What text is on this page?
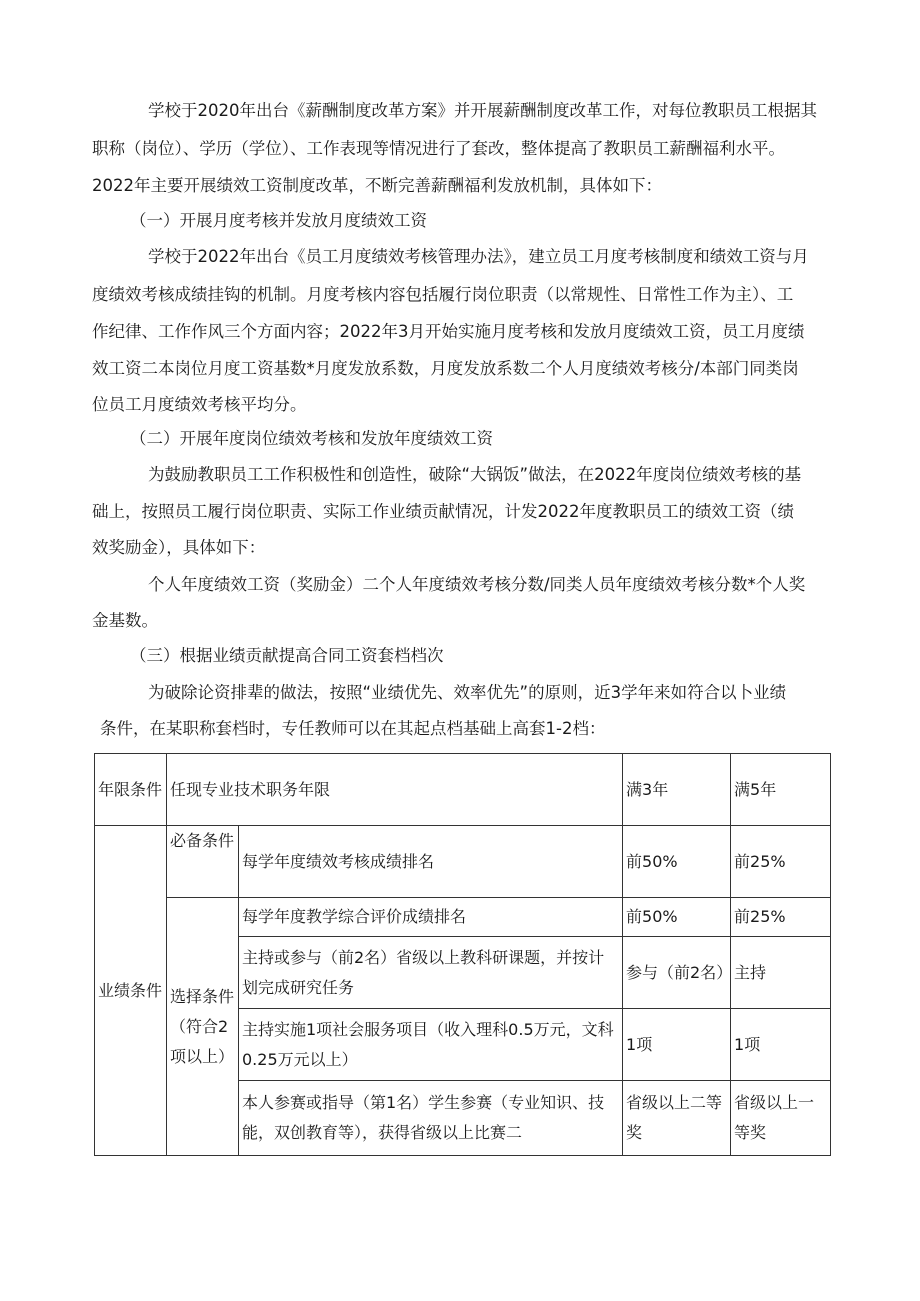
学校于2020年出台《薪酬制度改革方案》并开展薪酬制度改革工作，对每位教职员工根据其
职称（岗位）、学历（学位）、工作表现等情况进行了套改，整体提高了教职员工薪酬福利水平。
2022年主要开展绩效工资制度改革，不断完善薪酬福利发放机制，具体如下：
（一）开展月度考核并发放月度绩效工资
学校于2022年出台《员工月度绩效考核管理办法》，建立员工月度考核制度和绩效工资与月
度绩效考核成绩挂钩的机制。月度考核内容包括履行岗位职责（以常规性、日常性工作为主）、工
作纪律、工作作风三个方面内容；2022年3月开始实施月度考核和发放月度绩效工资，员工月度绩
效工资二本岗位月度工资基数*月度发放系数，月度发放系数二个人月度绩效考核分/本部门同类岗
位员工月度绩效考核平均分。
（二）开展年度岗位绩效考核和发放年度绩效工资
为鼓励教职员工工作积极性和创造性，破除“大锅饭”做法，在2022年度岗位绩效考核的基
础上，按照员工履行岗位职责、实际工作业绩贡献情况，计发2022年度教职员工的绩效工资（绩
效奖励金），具体如下：
个人年度绩效工资（奖励金）二个人年度绩效考核分数/同类人员年度绩效考核分数*个人奖
金基数。
（三）根据业绩贡献提高合同工资套档档次
为破除论资排辈的做法，按照“业绩优先、效率优先”的原则，近3学年来如符合以卜业绩
条件，在某职称套档时，专任教师可以在其起点档基础上高套1-2档：
年限条件	任现专业技术职务年限		满3年	满5年
业绩条件	必备条件	每学年度绩效考核成绩排名	前50%	前25%
	选择条件（符合2项以上）	每学年度教学综合评价成绩排名	前50%	前25%
		主持或参与（前2名）省级以上教科研课题，并按计划完成研究任务	参与（前2名）	主持
		主持实施1项社会服务项目（收入理科0.5万元，文科0.25万元以上）	1项	1项
		本人参赛或指导（第1名）学生参赛（专业知识、技能，双创教育等），获得省级以上比赛二	省级以上二等奖	省级以上一等奖
